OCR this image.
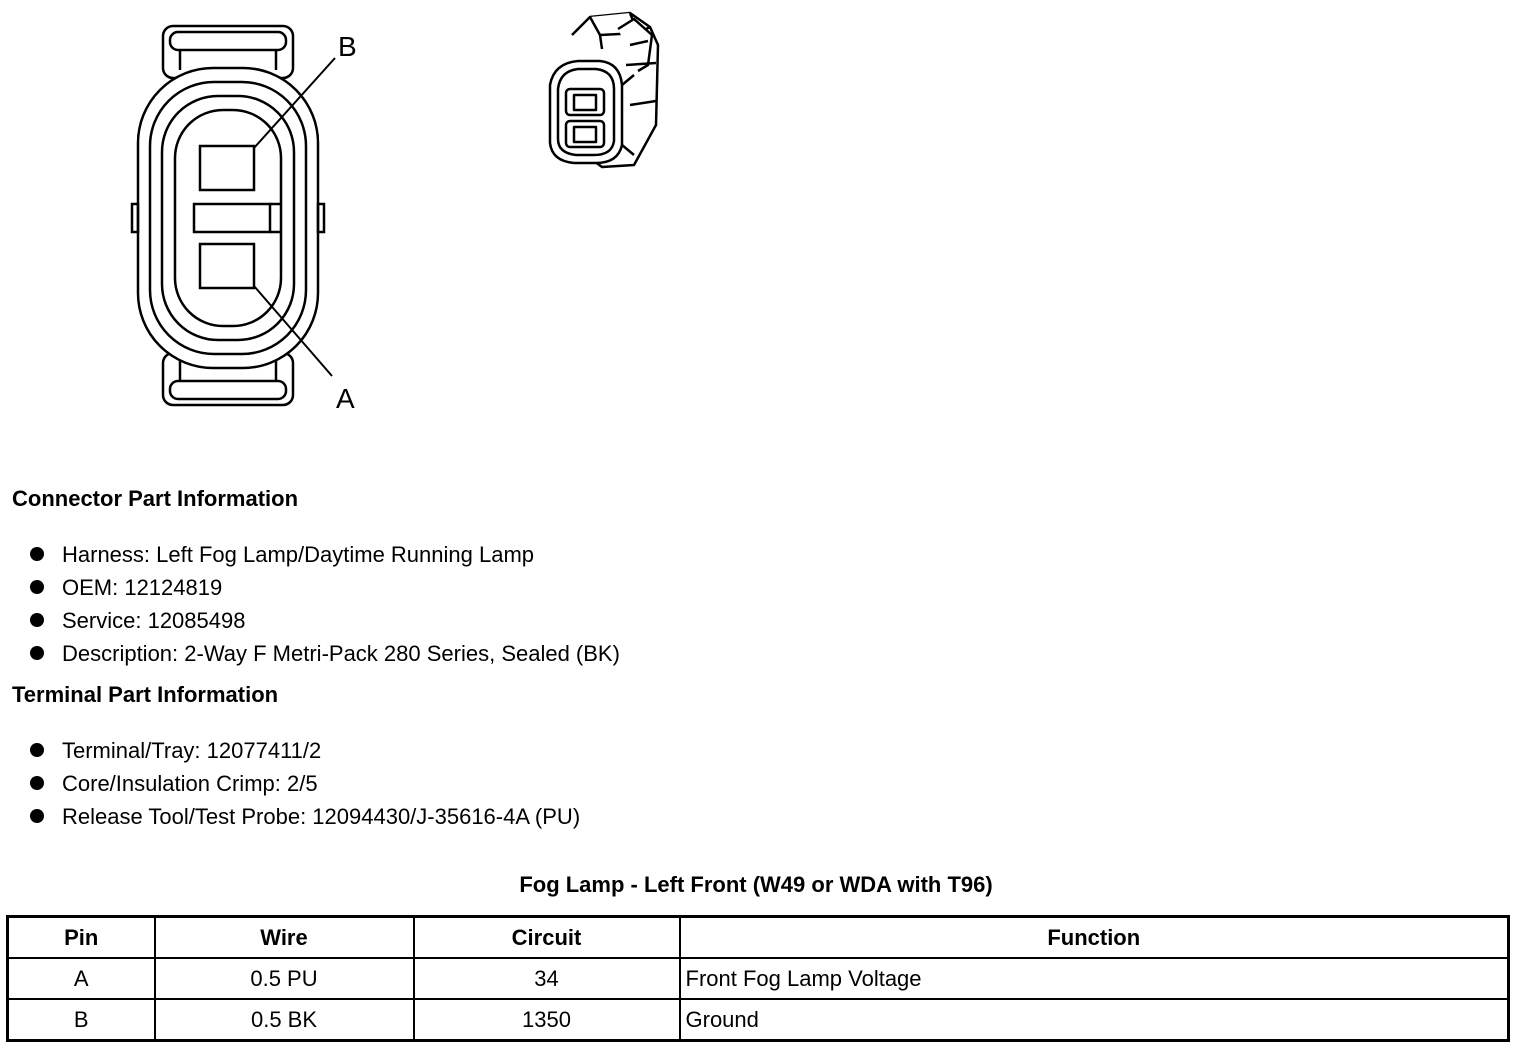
B
A

Connector Part Information

Harness: Left Fog Lamp/Daytime Running Lamp
OEM: 12124819
Service: 12085498
Description: 2-Way F Metri-Pack 280 Series, Sealed (BK)

Terminal Part Information

Terminal/Tray: 12077411/2
Core/Insulation Crimp: 2/5
Release Tool/Test Probe: 12094430/J-35616-4A (PU)

Fog Lamp - Left Front (W49 or WDA with T96)

Pin	Wire	Circuit	Function
A	0.5 PU	34	Front Fog Lamp Voltage
B	0.5 BK	1350	Ground
